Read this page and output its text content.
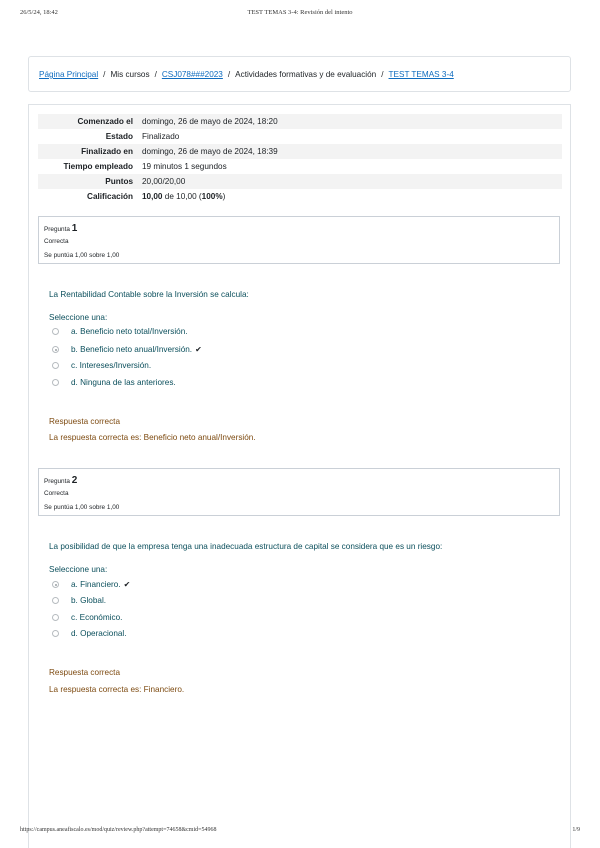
26/5/24, 18:42	TEST TEMAS 3-4: Revisión del intento
Página Principal / Mis cursos / CSJ078###2023 / Actividades formativas y de evaluación / TEST TEMAS 3-4
Comenzado el	domingo, 26 de mayo de 2024, 18:20
Estado	Finalizado
Finalizado en	domingo, 26 de mayo de 2024, 18:39
Tiempo empleado	19 minutos 1 segundos
Puntos	20,00/20,00
Calificación	10,00 de 10,00 (100%)
Pregunta 1
Correcta
Se puntúa 1,00 sobre 1,00
La Rentabilidad Contable sobre la Inversión se calcula:
Seleccione una:
a. Beneficio neto total/Inversión.
b. Beneficio neto anual/Inversión. ✔
c. Intereses/Inversión.
d. Ninguna de las anteriores.
Respuesta correcta
La respuesta correcta es: Beneficio neto anual/Inversión.
Pregunta 2
Correcta
Se puntúa 1,00 sobre 1,00
La posibilidad de que la empresa tenga una inadecuada estructura de capital se considera que es un riesgo:
Seleccione una:
a. Financiero. ✔
b. Global.
c. Económico.
d. Operacional.
Respuesta correcta
La respuesta correcta es: Financiero.
https://campus.aneafiscalo.es/mod/quiz/review.php?attempt=74658&cmid=54968	1/9
